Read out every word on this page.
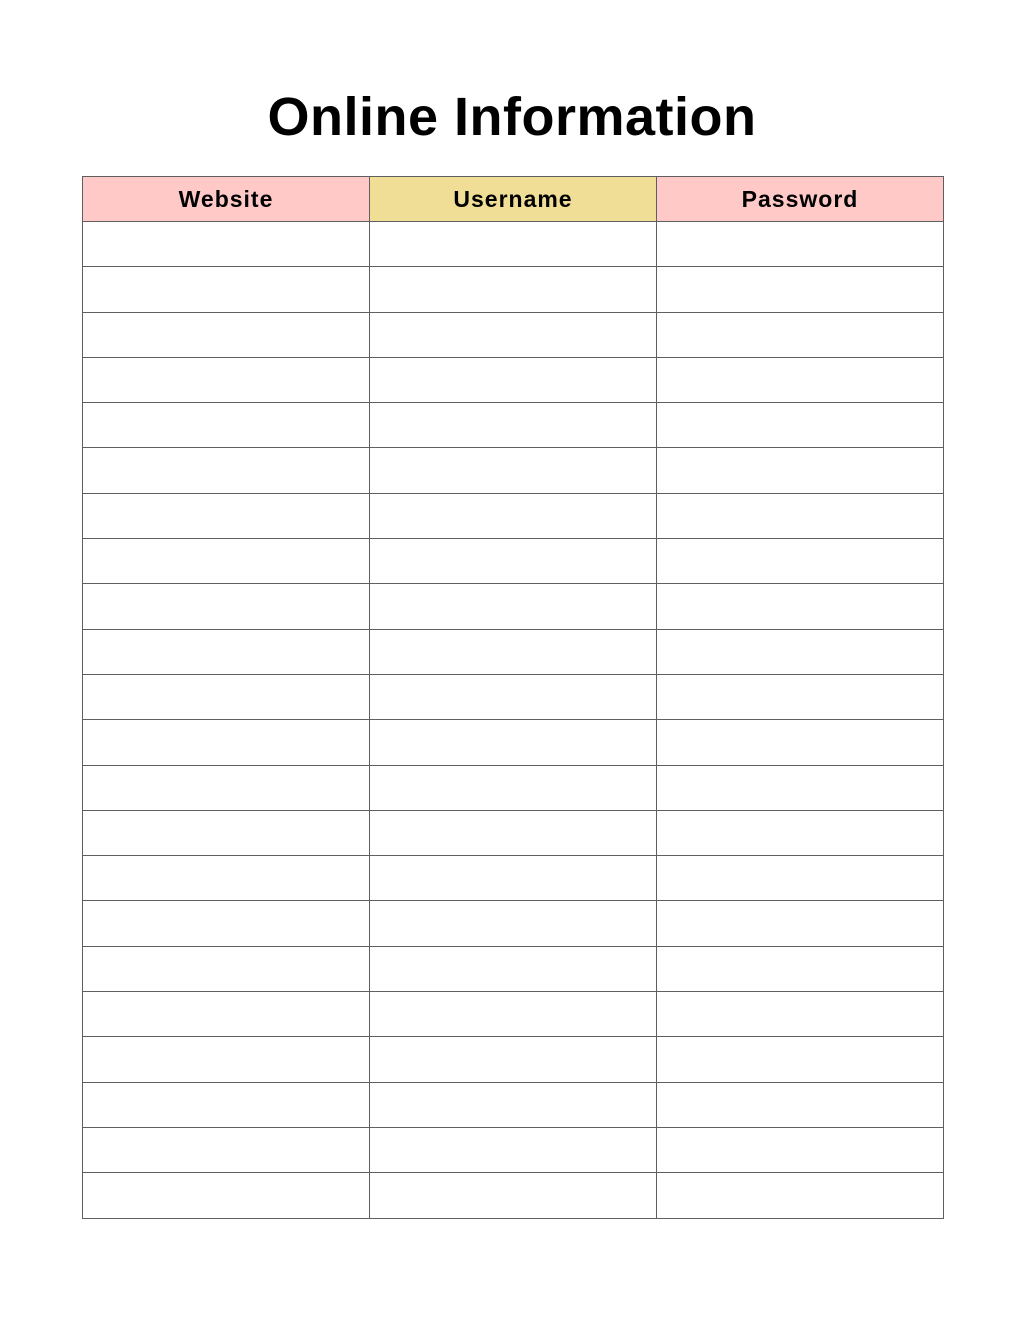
Online Information
Website	Username	Password
